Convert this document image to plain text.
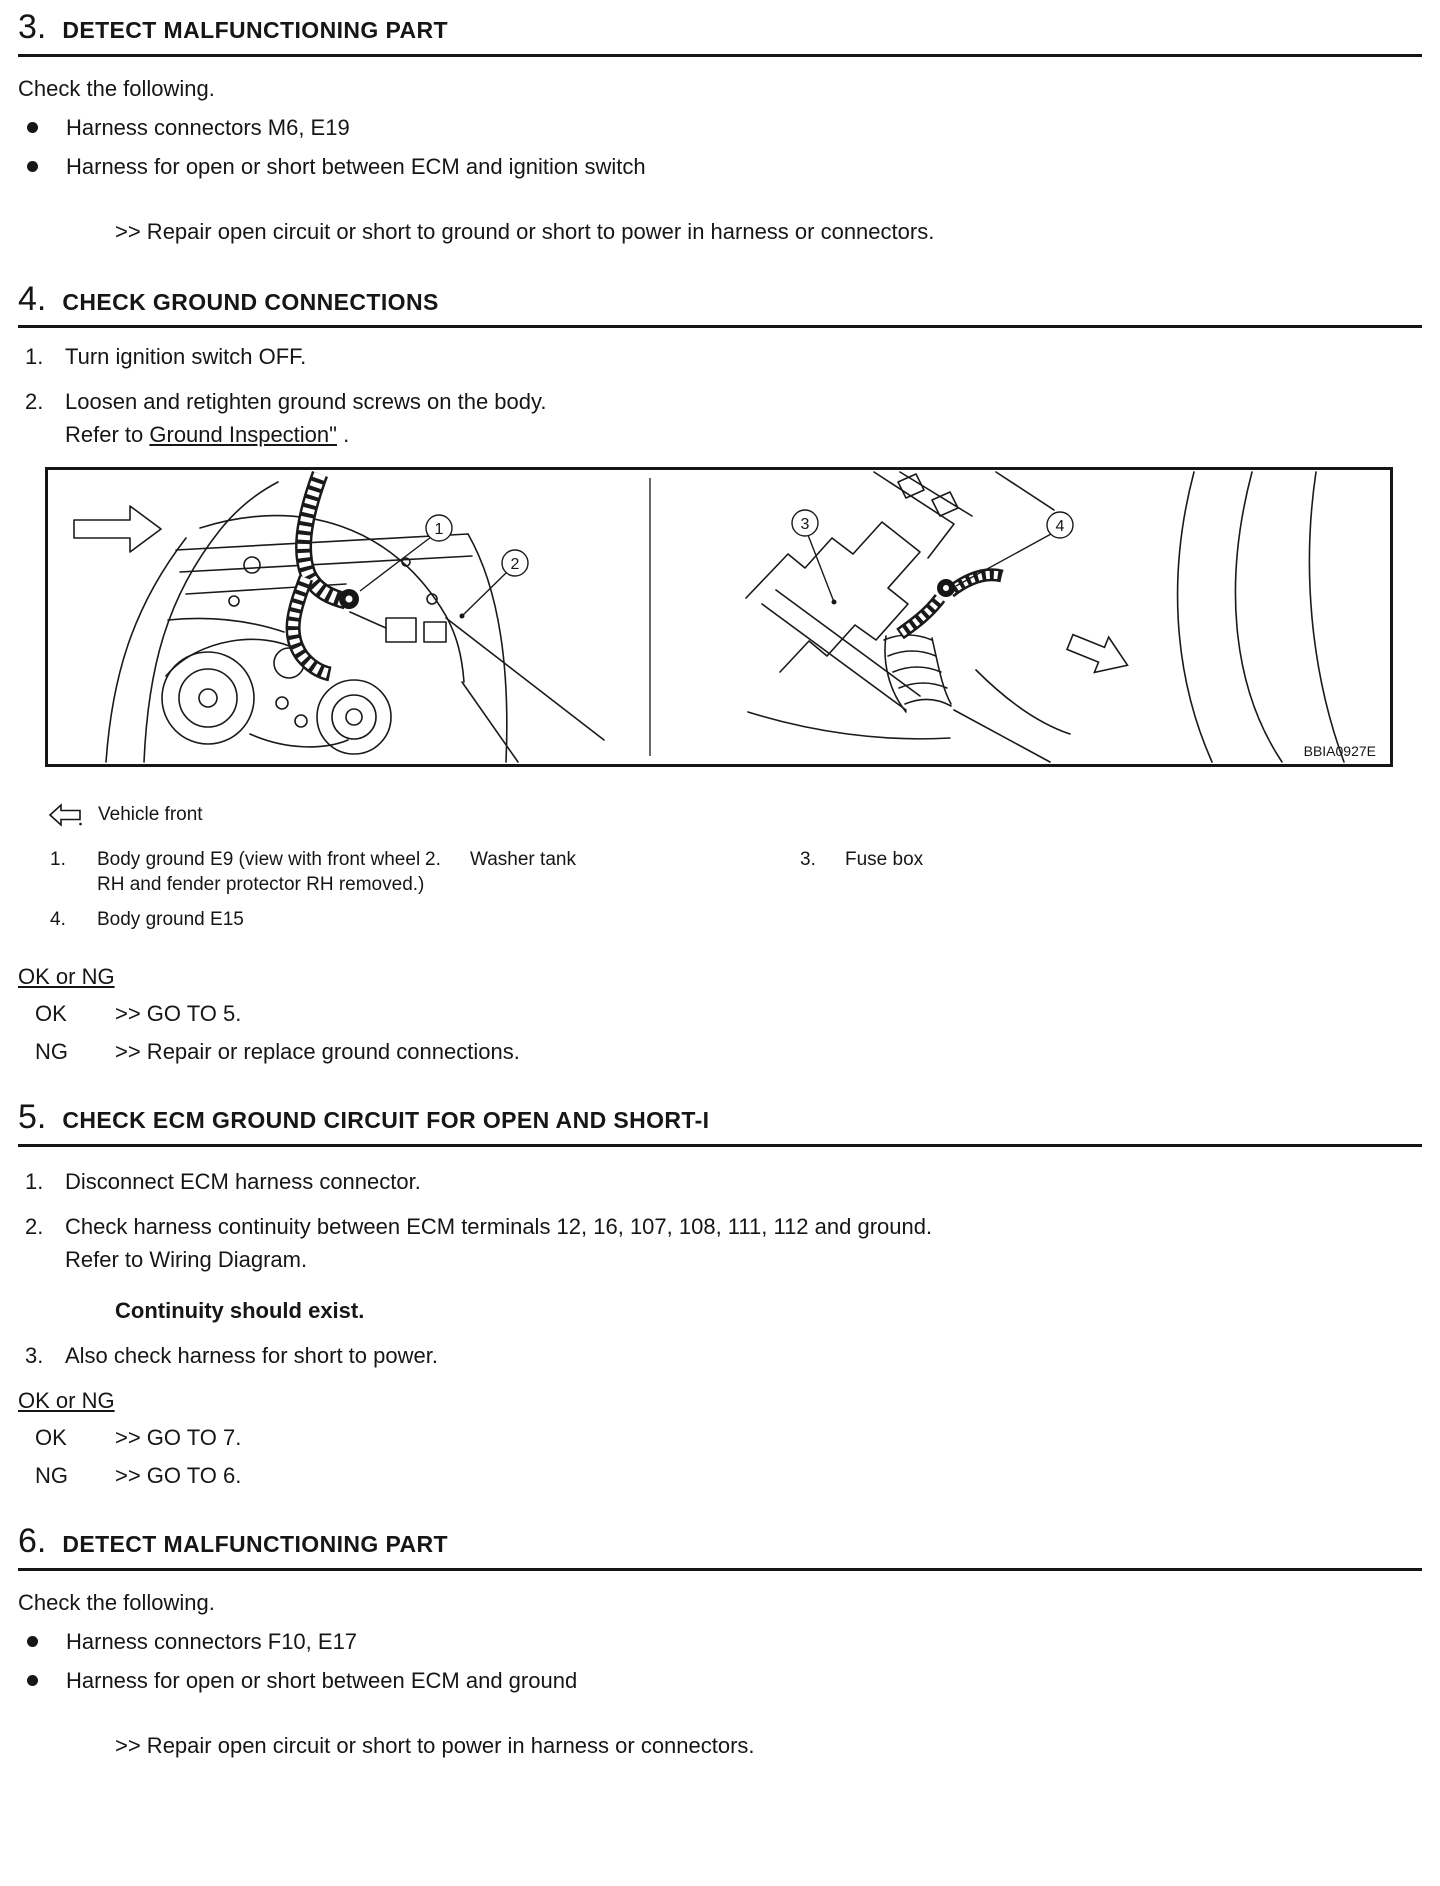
3. DETECT MALFUNCTIONING PART
Check the following.
Harness connectors M6, E19
Harness for open or short between ECM and ignition switch
>> Repair open circuit or short to ground or short to power in harness or connectors.
4. CHECK GROUND CONNECTIONS
1. Turn ignition switch OFF.
2. Loosen and retighten ground screws on the body.
Refer to Ground Inspection" .
1
2
3	4
BBIA0927E
Vehicle front
1.	Body ground E9 (view with front wheel RH and fender protector RH removed.)
2.	Washer tank	3.	Fuse box
4.	Body ground E15
OK or NG
OK	>> GO TO 5.
NG	>> Repair or replace ground connections.
5. CHECK ECM GROUND CIRCUIT FOR OPEN AND SHORT-I
1. Disconnect ECM harness connector.
2. Check harness continuity between ECM terminals 12, 16, 107, 108, 111, 112 and ground.
Refer to Wiring Diagram.
Continuity should exist.
3. Also check harness for short to power.
OK or NG
OK	>> GO TO 7.
NG	>> GO TO 6.
6. DETECT MALFUNCTIONING PART
Check the following.
Harness connectors F10, E17
Harness for open or short between ECM and ground
>> Repair open circuit or short to power in harness or connectors.
